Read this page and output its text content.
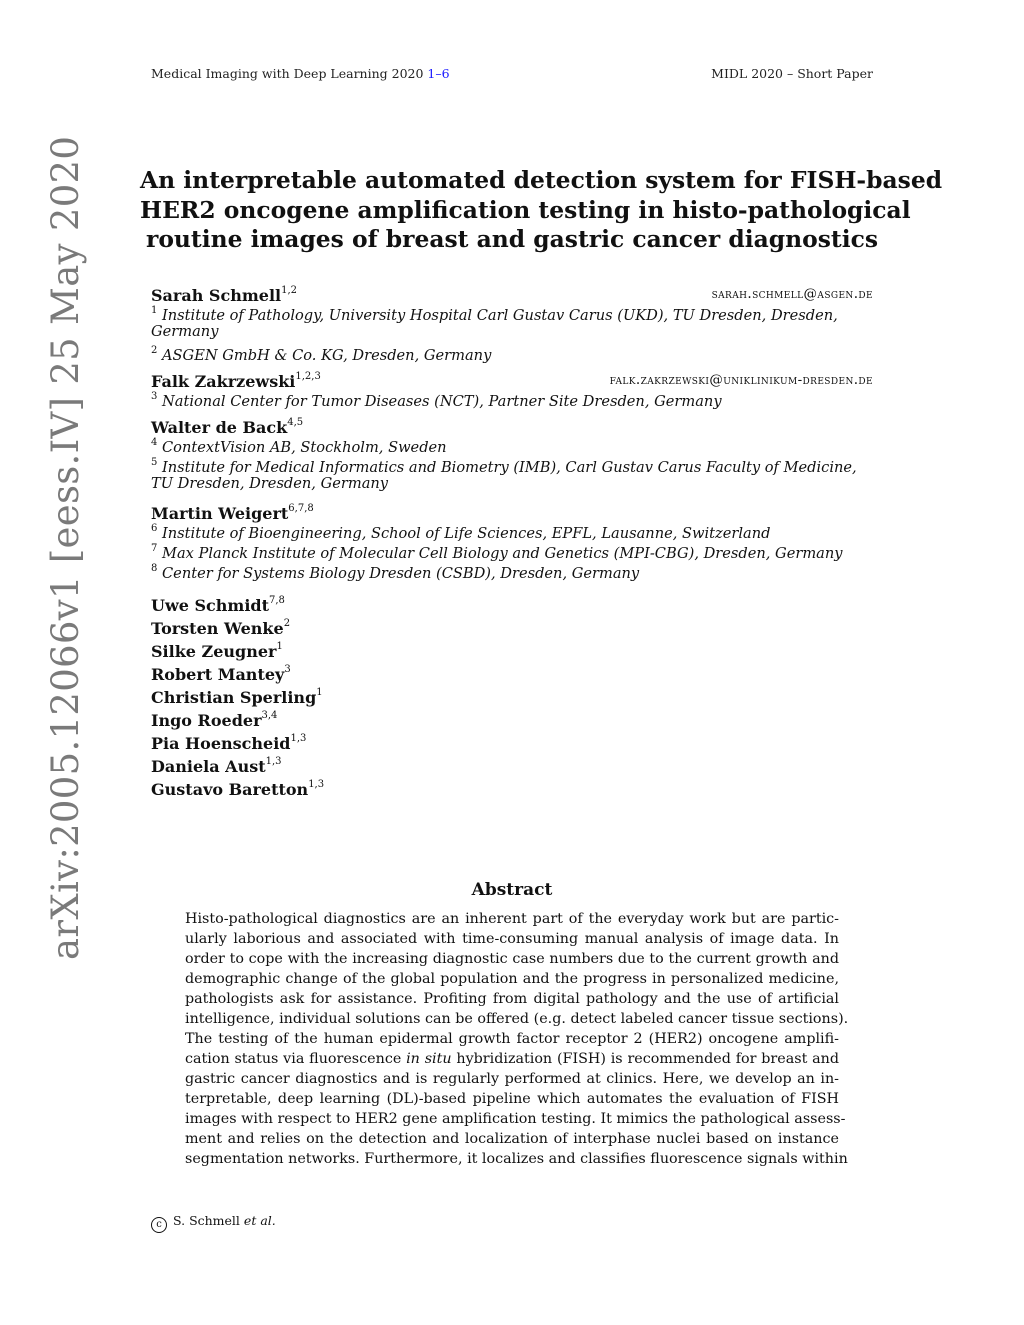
Medical Imaging with Deep Learning 2020 1–6	MIDL 2020 – Short Paper
arXiv:2005.12066v1 [eess.IV] 25 May 2020 An interpretable automated detection system for FISH-based
HER2 oncogene amplification testing in histo-pathological
routine images of breast and gastric cancer diagnostics
Sarah Schmell$^{1,2}$	sarah.schmell@asgen.de
$^1$ Institute of Pathology, University Hospital Carl Gustav Carus (UKD), TU Dresden, Dresden,
Germany
$^2$ ASGEN GmbH & Co. KG, Dresden, Germany
Falk Zakrzewski$^{1,2,3}$	falk.zakrzewski@uniklinikum-dresden.de
$^3$ National Center for Tumor Diseases (NCT), Partner Site Dresden, Germany
Walter de Back$^{4,5}$
$^4$ ContextVision AB, Stockholm, Sweden
$^5$ Institute for Medical Informatics and Biometry (IMB), Carl Gustav Carus Faculty of Medicine,
TU Dresden, Dresden, Germany
Martin Weigert$^{6,7,8}$
$^6$ Institute of Bioengineering, School of Life Sciences, EPFL, Lausanne, Switzerland
$^7$ Max Planck Institute of Molecular Cell Biology and Genetics (MPI-CBG), Dresden, Germany
$^8$ Center for Systems Biology Dresden (CSBD), Dresden, Germany
Uwe Schmidt$^{7,8}$
Torsten Wenke$^2$
Silke Zeugner$^1$
Robert Mantey$^3$
Christian Sperling$^1$
Ingo Roeder$^{3,4}$
Pia Hoenscheid$^{1,3}$
Daniela Aust$^{1,3}$
Gustavo Baretton$^{1,3}$
Abstract

Histo-pathological diagnostics are an inherent part of the everyday work but are partic-

ularly laborious and associated with time-consuming manual analysis of image data. In

order to cope with the increasing diagnostic case numbers due to the current growth and

demographic change of the global population and the progress in personalized medicine,

pathologists ask for assistance. Profiting from digital pathology and the use of artificial

intelligence, individual solutions can be offered (e.g. detect labeled cancer tissue sections).

The testing of the human epidermal growth factor receptor 2 (HER2) oncogene amplifi-

cation status via fluorescence in situ hybridization (FISH) is recommended for breast and

gastric cancer diagnostics and is regularly performed at clinics. Here, we develop an in-

terpretable, deep learning (DL)-based pipeline which automates the evaluation of FISH

images with respect to HER2 gene amplification testing. It mimics the pathological assess-

ment and relies on the detection and localization of interphase nuclei based on instance

segmentation networks. Furthermore, it localizes and classifies fluorescence signals within

c S. Schmell et al.
